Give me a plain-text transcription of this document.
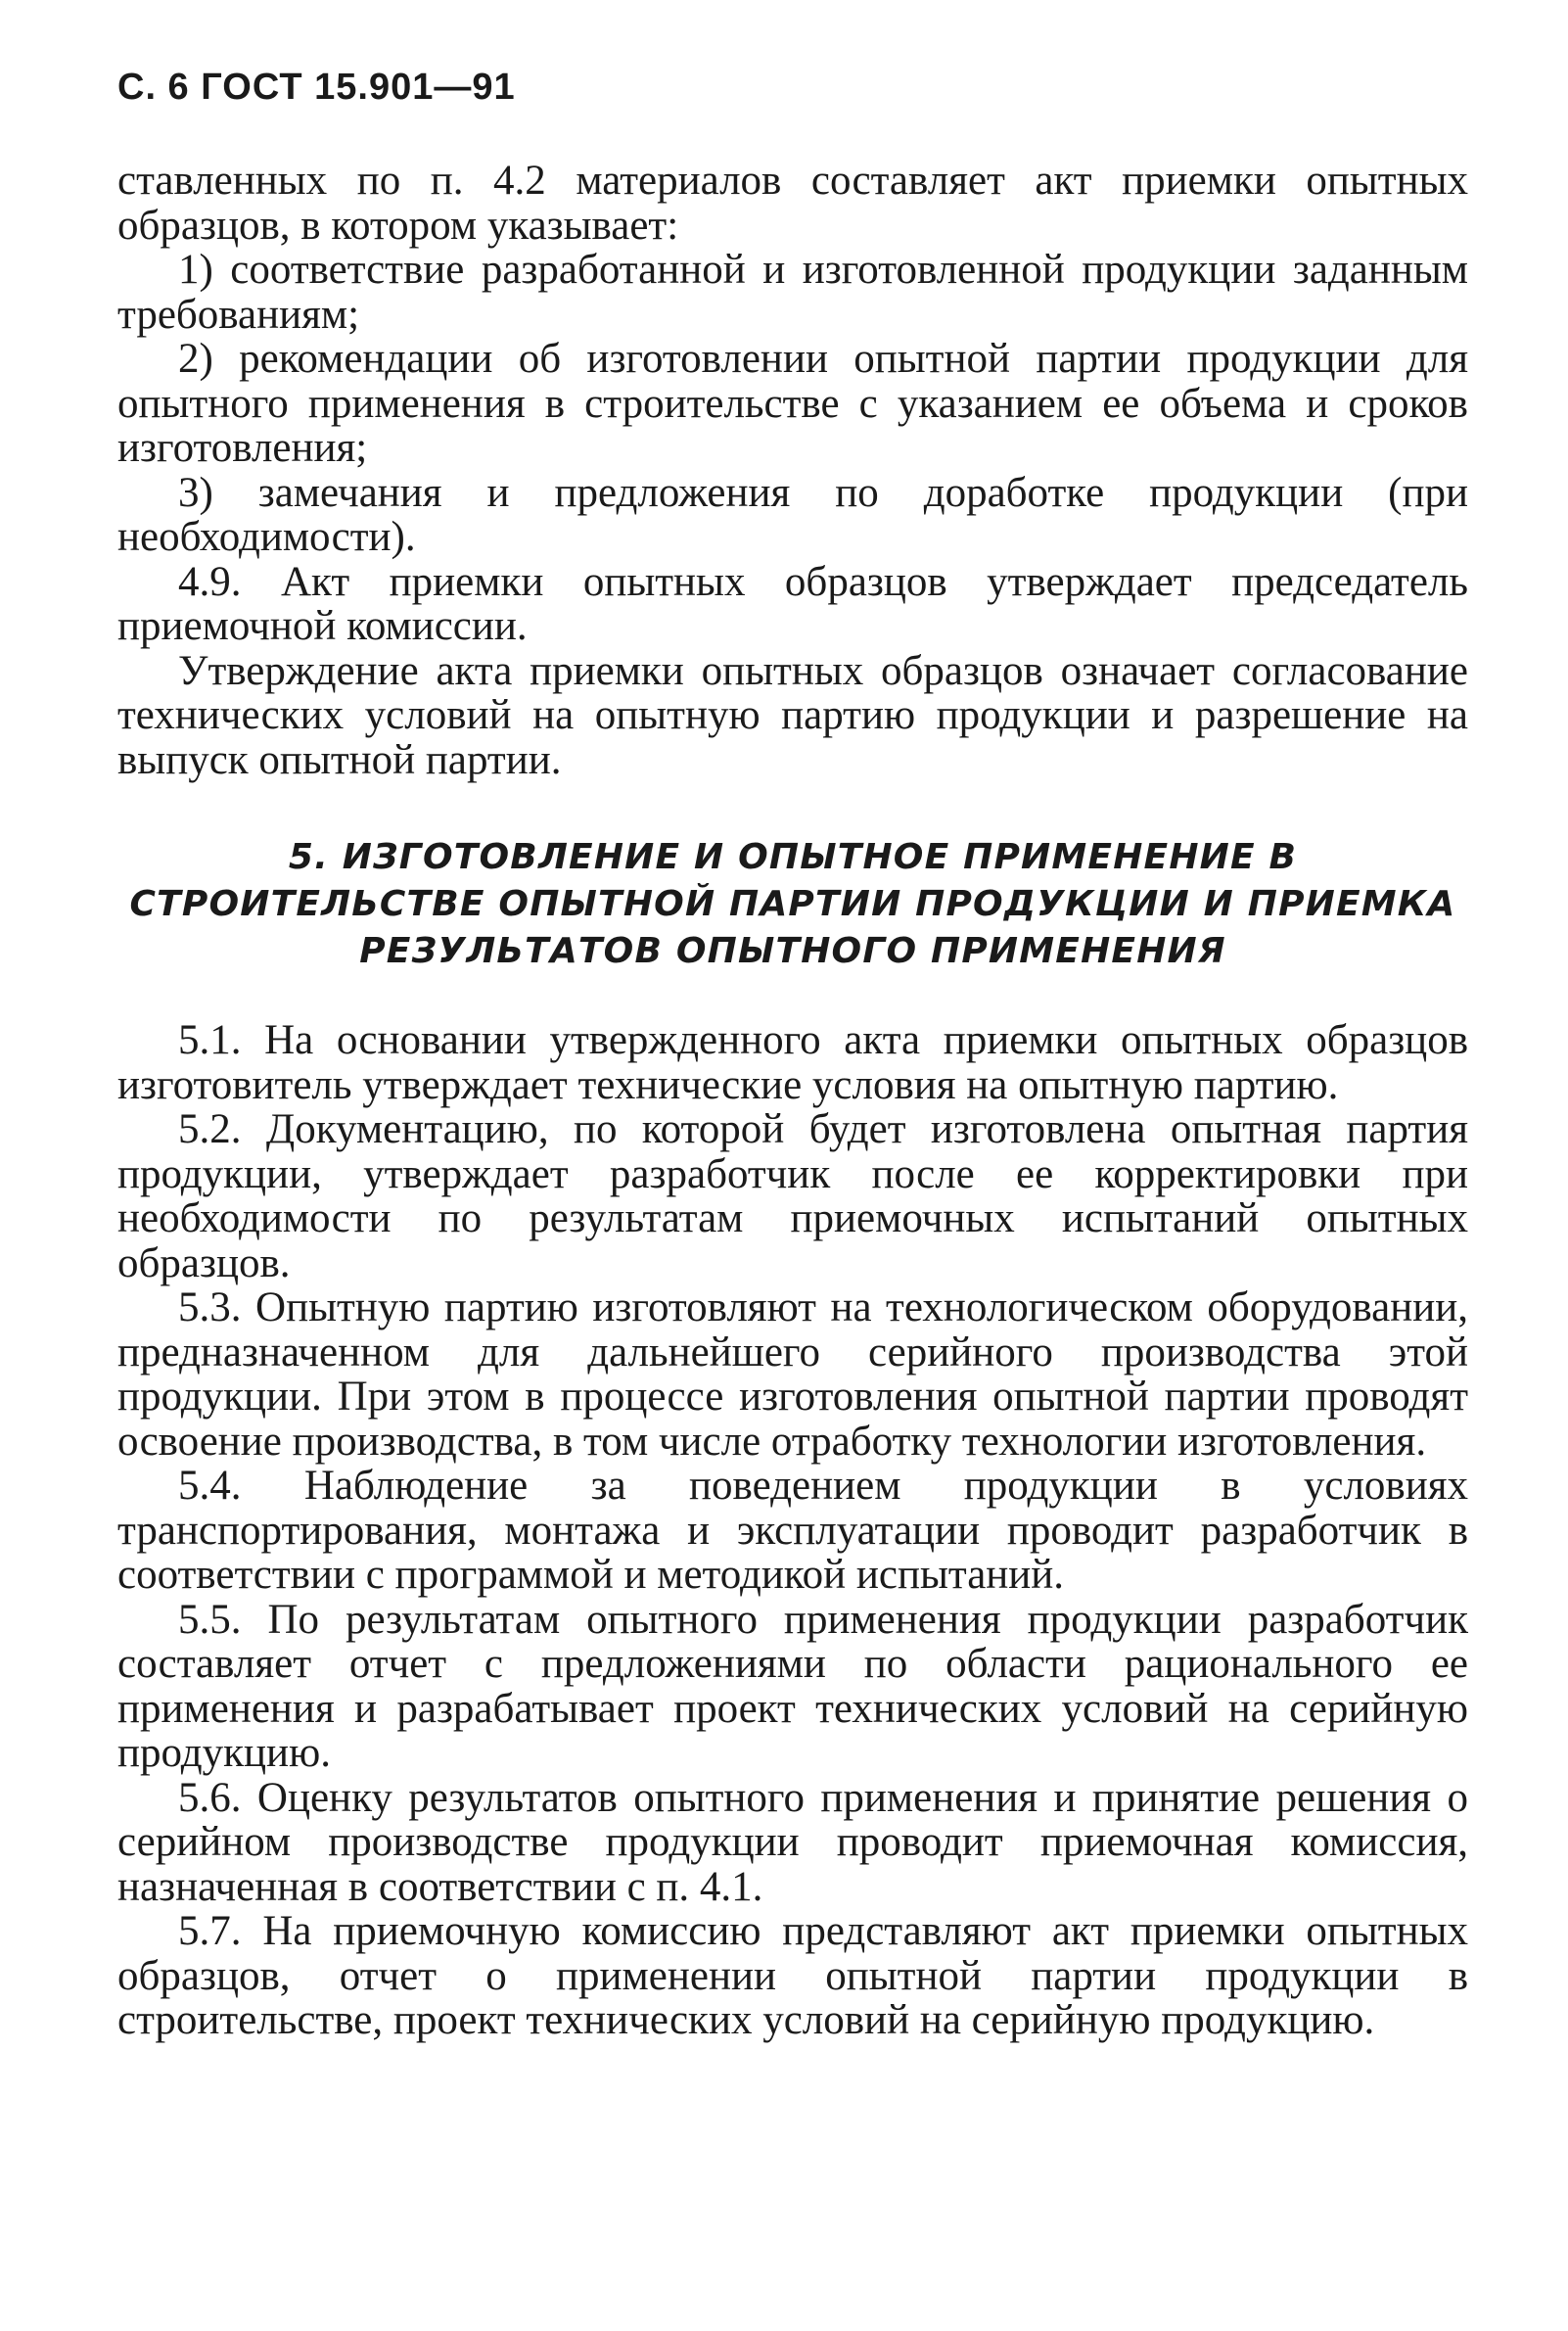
С. 6 ГОСТ 15.901—91

ставленных по п. 4.2 материалов составляет акт приемки опытных образцов, в котором указывает:

1) соответствие разработанной и изготовленной продукции заданным требованиям;

2) рекомендации об изготовлении опытной партии продукции для опытного применения в строительстве с указанием ее объема и сроков изготовления;

3) замечания и предложения по доработке продукции (при необходимости).

4.9. Акт приемки опытных образцов утверждает председатель приемочной комиссии.

Утверждение акта приемки опытных образцов означает согласование технических условий на опытную партию продукции и разрешение на выпуск опытной партии.

5. ИЗГОТОВЛЕНИЕ И ОПЫТНОЕ ПРИМЕНЕНИЕ В
СТРОИТЕЛЬСТВЕ ОПЫТНОЙ ПАРТИИ ПРОДУКЦИИ И ПРИЕМКА
РЕЗУЛЬТАТОВ ОПЫТНОГО ПРИМЕНЕНИЯ

5.1. На основании утвержденного акта приемки опытных образцов изготовитель утверждает технические условия на опытную партию.

5.2. Документацию, по которой будет изготовлена опытная партия продукции, утверждает разработчик после ее корректировки при необходимости по результатам приемочных испытаний опытных образцов.

5.3. Опытную партию изготовляют на технологическом оборудовании, предназначенном для дальнейшего серийного производства этой продукции. При этом в процессе изготовления опытной партии проводят освоение производства, в том числе отработку технологии изготовления.

5.4. Наблюдение за поведением продукции в условиях транспортирования, монтажа и эксплуатации проводит разработчик в соответствии с программой и методикой испытаний.

5.5. По результатам опытного применения продукции разработчик составляет отчет с предложениями по области рационального ее применения и разрабатывает проект технических условий на серийную продукцию.

5.6. Оценку результатов опытного применения и принятие решения о серийном производстве продукции проводит приемочная комиссия, назначенная в соответствии с п. 4.1.

5.7. На приемочную комиссию представляют акт приемки опытных образцов, отчет о применении опытной партии продукции в строительстве, проект технических условий на серийную продукцию.
